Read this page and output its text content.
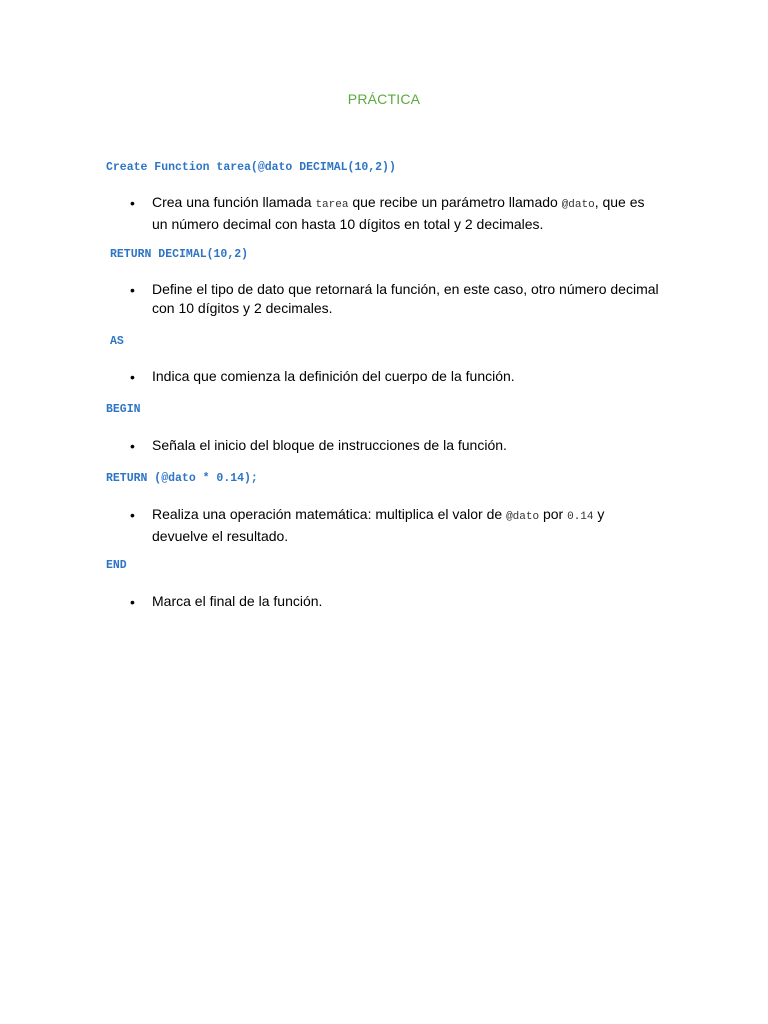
PRÁCTICA
Create Function tarea(@dato DECIMAL(10,2))
• Crea una función llamada tarea que recibe un parámetro llamado @dato, que es un número decimal con hasta 10 dígitos en total y 2 decimales.
RETURN DECIMAL(10,2)
• Define el tipo de dato que retornará la función, en este caso, otro número decimal con 10 dígitos y 2 decimales.
AS
• Indica que comienza la definición del cuerpo de la función.
BEGIN
• Señala el inicio del bloque de instrucciones de la función.
RETURN (@dato * 0.14);
• Realiza una operación matemática: multiplica el valor de @dato por 0.14 y devuelve el resultado.
END
• Marca el final de la función.
